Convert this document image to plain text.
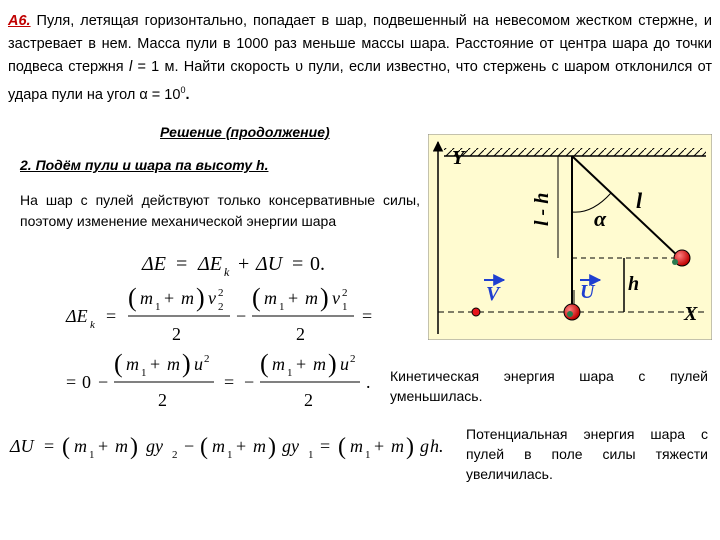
А6. Пуля, летящая горизонтально, попадает в шар, подвешенный на невесомом жестком стержне, и застревает в нем. Масса пули в 1000 раз меньше массы шара. Расстояние от центра шара до точки подвеса стержня l = 1 м. Найти скорость υ пули, если известно, что стержень с шаром отклонился от удара пули на угол $\alpha = 10^0$.
Решение (продолжение)
2. Подём пули и шара па высоту h.
На шар с пулей действуют только консервативные силы, поэтому изменение механической энергии шара
Кинетическая энергия шара с пулей уменьшилась.
Потенциальная энергия шара с пулей в поле силы тяжести увеличилась.
Y
X
α
l
l - h
h
U
V
ΔE = ΔE k + ΔU = 0.
ΔE k =
( m 1 + m ) v 2
2
2
−
( m 1 + m ) v 2
1
2
=
= 0 −
( m 1 + m ) u 2
2
= −
( m 1 + m ) u 2
2
.
ΔU = ( m 1 + m ) gy 2 − ( m 1 + m ) gy 1 = ( m 1 + m ) g h.
